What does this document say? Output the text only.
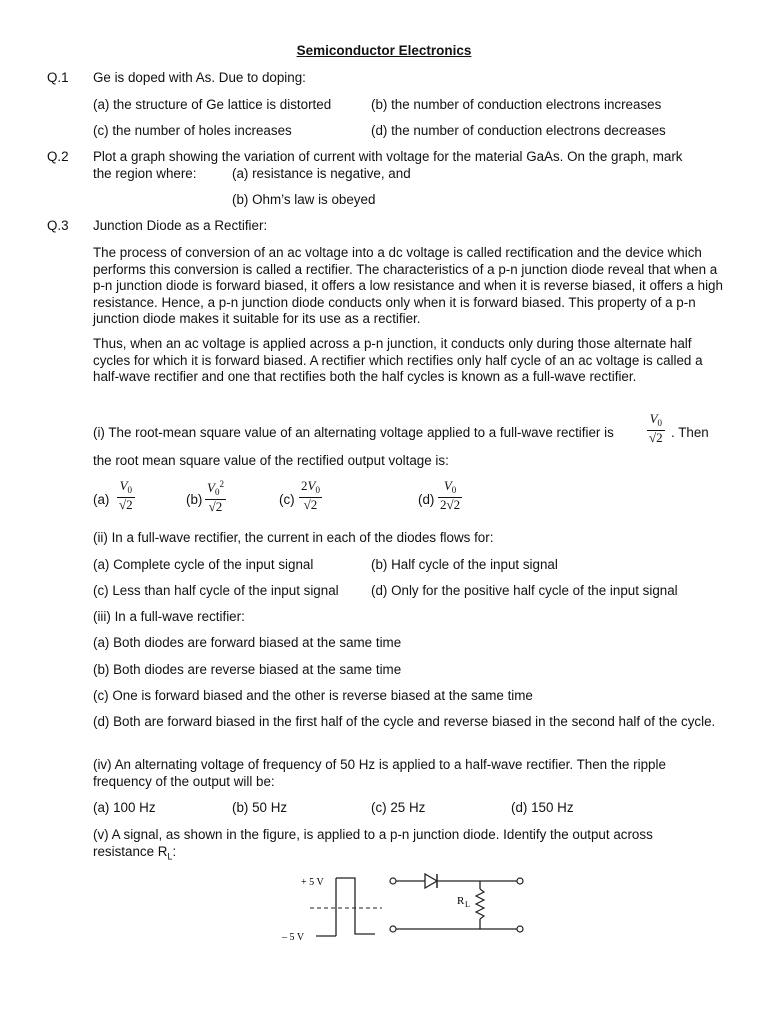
Semiconductor Electronics
Q.1 Ge is doped with As. Due to doping:
(a) the structure of Ge lattice is distorted	(b) the number of conduction electrons increases
(c) the number of holes increases	(d) the number of conduction electrons decreases
Q.2 Plot a graph showing the variation of current with voltage for the material GaAs. On the graph, mark
the region where:	(a) resistance is negative, and
(b) Ohm’s law is obeyed
Q.3 Junction Diode as a Rectifier:
The process of conversion of an ac voltage into a dc voltage is called rectification and the device which performs this conversion is called a rectifier. The characteristics of a p-n junction diode reveal that when a p-n junction diode is forward biased, it offers a low resistance and when it is reverse biased, it offers a high resistance. Hence, a p-n junction diode conducts only when it is forward biased. This property of a p-n junction diode makes it suitable for its use as a rectifier.
Thus, when an ac voltage is applied across a p-n junction, it conducts only during those alternate half cycles for which it is forward biased. A rectifier which rectifies only half cycle of an ac voltage is called a half-wave rectifier and one that rectifies both the half cycles is known as a full-wave rectifier.
(i) The root-mean square value of an alternating voltage applied to a full-wave rectifier is	$\frac{V_0}{√2}$ . Then
the root mean square value of the rectified output voltage is:
$(a) \frac{V_0}{√2}$	$(b) \frac{V_0^2}{√2}$	$(c) \frac{2V_0}{√2}$	$(d) \frac{V_0}{2√2}$
(ii) In a full-wave rectifier, the current in each of the diodes flows for:
(a) Complete cycle of the input signal	(b) Half cycle of the input signal
(c) Less than half cycle of the input signal	(d) Only for the positive half cycle of the input signal
(iii) In a full-wave rectifier:
(a) Both diodes are forward biased at the same time
(b) Both diodes are reverse biased at the same time
(c) One is forward biased and the other is reverse biased at the same time
(d) Both are forward biased in the first half of the cycle and reverse biased in the second half of the cycle.
(iv) An alternating voltage of frequency of 50 Hz is applied to a half-wave rectifier. Then the ripple frequency of the output will be:
(a) 100 Hz	(b) 50 Hz	(c) 25 Hz	(d) 150 Hz
(v) A signal, as shown in the figure, is applied to a p-n junction diode. Identify the output across
resistance $R_L$:
+ 5 V
– 5 V
R L
